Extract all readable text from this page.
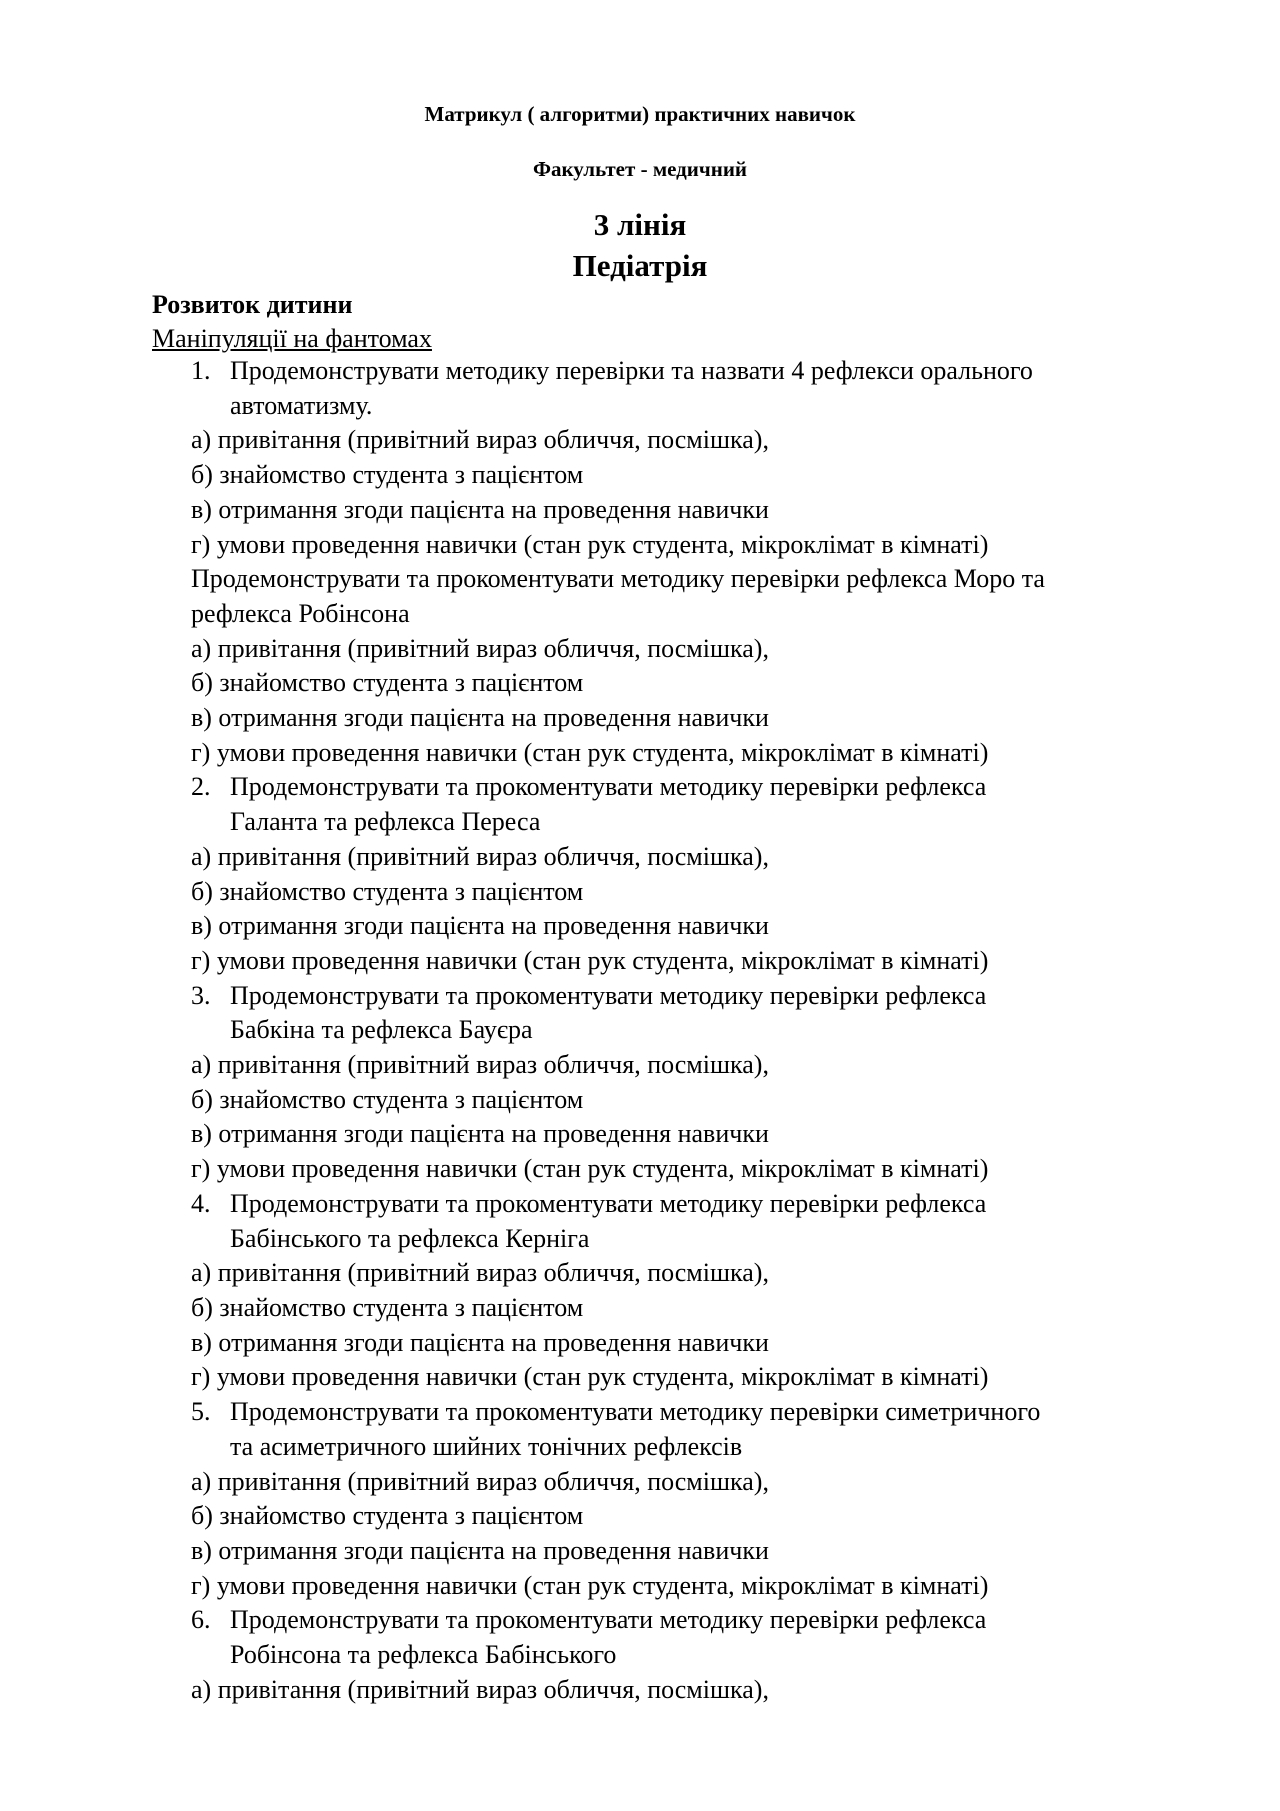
Матрикул ( алгоритми) практичних навичок
Факультет - медичний
3 лінія
Педіатрія
Розвиток дитини
Маніпуляції на фантомах
1. Продемонструвати методику перевірки та назвати 4 рефлекси орального
автоматизму.
а) привітання (привітний вираз обличчя, посмішка),
б) знайомство студента з пацієнтом
в) отримання згоди пацієнта на проведення навички
г) умови проведення навички (стан рук студента, мікроклімат в кімнаті)
Продемонструвати та прокоментувати методику перевірки рефлекса Моро та
рефлекса Робінсона
а) привітання (привітний вираз обличчя, посмішка),
б) знайомство студента з пацієнтом
в) отримання згоди пацієнта на проведення навички
г) умови проведення навички (стан рук студента, мікроклімат в кімнаті)
2. Продемонструвати та прокоментувати методику перевірки рефлекса
Галанта та рефлекса Переса
а) привітання (привітний вираз обличчя, посмішка),
б) знайомство студента з пацієнтом
в) отримання згоди пацієнта на проведення навички
г) умови проведення навички (стан рук студента, мікроклімат в кімнаті)
3. Продемонструвати та прокоментувати методику перевірки рефлекса
Бабкіна та рефлекса Бауєра
а) привітання (привітний вираз обличчя, посмішка),
б) знайомство студента з пацієнтом
в) отримання згоди пацієнта на проведення навички
г) умови проведення навички (стан рук студента, мікроклімат в кімнаті)
4. Продемонструвати та прокоментувати методику перевірки рефлекса
Бабінського та рефлекса Керніга
а) привітання (привітний вираз обличчя, посмішка),
б) знайомство студента з пацієнтом
в) отримання згоди пацієнта на проведення навички
г) умови проведення навички (стан рук студента, мікроклімат в кімнаті)
5. Продемонструвати та прокоментувати методику перевірки симетричного
та асиметричного шийних тонічних рефлексів
а) привітання (привітний вираз обличчя, посмішка),
б) знайомство студента з пацієнтом
в) отримання згоди пацієнта на проведення навички
г) умови проведення навички (стан рук студента, мікроклімат в кімнаті)
6. Продемонструвати та прокоментувати методику перевірки рефлекса
Робінсона та рефлекса Бабінського
а) привітання (привітний вираз обличчя, посмішка),
